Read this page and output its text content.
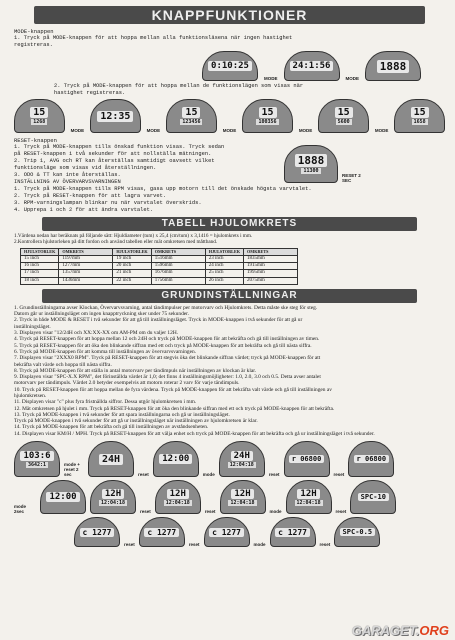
KNAPPFUNKTIONER
MODE-knappen
1. Tryck på MODE-knappen för att hoppa mellan alla funktionsläsena när ingen hastighet registreras.
0:10:25
MODE
24:1:56
MODE
1888
2. Tryck på MODE-knappen för att hoppa mellan de funktionslägen som visas när hastighet registreras.
15
1268
MODE
12:35
MODE
15
123456
MODE
15
100356
MODE
15
5600
MODE
15
1658
RESET-knappen
1. Tryck på MODE-knappen tills önskad funktion visas. Tryck sedan
på RESET-knappen i två sekunder för att nollställa mätningen.
2. Trip 1, AVG och RT kan återställas samtidigt oavsett vilket
funktionsläge som visas vid återställningen.
3. ODO & TT kan inte återställas.
INSTÄLLNING AV ÖVERVARVSVARNINGEN
1. Tryck på MODE-knappen tills RPM visas, gasa upp motorn till det önskade högsta varvtalet.
2. Tryck på RESET-knappen för att lagra varvet.
3. RPM-varningslampan blinkar nu när varvtalet överskrids.
4. Upprepa 1 och 2 för att ändra varvtalet.
1888
11300
RESET 2 SEC
TABELL HJULOMKRETS
1.Värdena nedan har beräknats på följande sätt: Hjuldiameter (tum) x 25,4 (cm/tum) x 3,1416 = hjulomkrets i mm.
2.Kontrollera hjulstorleken på ditt fordon och använd tabellen eller mät omkretsen med måttband.
HJULSTORLEK	OMKRETS	HJULSTORLEK	OMKRETS	HJULSTORLEK	OMKRETS
15 inch	1197mm	19 inch	1516mm	23 inch	1835mm
16 inch	1277mm	20 inch	1596mm	24 inch	1915mm
17 inch	1357mm	21 inch	1676mm	25 inch	1995mm
18 inch	1436mm	22 inch	1756mm	26 inch	2075mm
GRUNDINSTÄLLNINGAR
1. Grundinställningarna avser Klockan, Övervarvsvarning, antal tändimpulser per motorvarv och Hjulomkrets. Detta måste ske steg för steg.
Datorn går ur inställningsläget om ingen knapptryckning sker under 75 sekunder.
2. Tryck in både MODE & RESET i två sekunder för att gå till inställningsläget. Tryck in MODE-knappen i två sekunder för att gå ur
inställningsläget.
3. Displayen visar "12/24H och XX:XX-XX om AM-PM om du valjer 12H.
4. Tryck på RESET-knappen för att hoppa mellan 12 och 24H och tryck på MODE-knappen för att bekräfta och gå till inställningen av timen.
5. Tryck på RESET-knappen för att öka den blinkande siffran med ett och tryck på MODE-knappen för att bekräfta och gå till nästa siffra.
6. Tryck på MODE-knappen för att komma till inställningen av övervarvsvarningen.
7. Displayen visar "2XXX0 RPM". Tryck på RESET-knappen för att stegvis öka det blinkande siffran värdet; tryck på MODE-knappen för att
bekräfta valt värde och hoppa till nästa siffra.
8. Tryck på MODE-knappen för att ställa in antal motorvarv per tändimpuls när inställningen av klockan är klar.
9. Displayen visar "SPC-X.X RPM", det förinställda värdet är 1,0; det finns 4 inställningsmöjligheter: 1.0, 2.0, 3.0 och 0.5. Detta avser antalet
motorvarv per tändimpuls. Värdet 2.0 betyder exempelvis att motorn roterar 2 varv för varje tändimpuls.
10. Tryck på RESET-knappen för att hoppa mellan de fyra värdena. Tryck på MODE-knappen för att bekräfta valt värde och gå till inställningen av
hjulomkretsen.
11. Displayen visar "c" plus fyra fristnällda siffror. Dessa utgör hjulomkretsen i mm.
12. Mät omkretsen på hjulet i mm. Tryck på RESET-knappen för att öka den blinkande siffran med ett och tryck på MODE-knappen för att bekräfta.
13. Tryck på MODE-knappen i tvä sekunder för att spara inställningarna och gå ur inställningsläget.
Tryck på MODE-knappen i två sekunder för att gå ur inställningsläget när inställningen av hjulomkretsen är klar.
14. Tryck på MODE-knappen för att bekräfta och gå till inställningen av avståndsenheten.
14. Displayen visar KM/H / MPH. Tryck på RESET-knappen för att välja enhet och tryck på MODE-knappen för att bekräfta och gå ur inställningsläget i två sekunder.
103:6
3642:1	mode + reset 2 sec
24H
reset
12:00
mode
24H
12:04:18
reset
r 06800
reset
r 06800
mode 2sec
12:00	12H
12:04:18
reset
12H
12:04:18
reset
12H
12:04:18
mode
12H
12:04:18
reset
SPC-10
c 1277
reset
c 1277
reset
c 1277
mode
c 1277
reset
SPC-0.5
GARAGET.ORG
